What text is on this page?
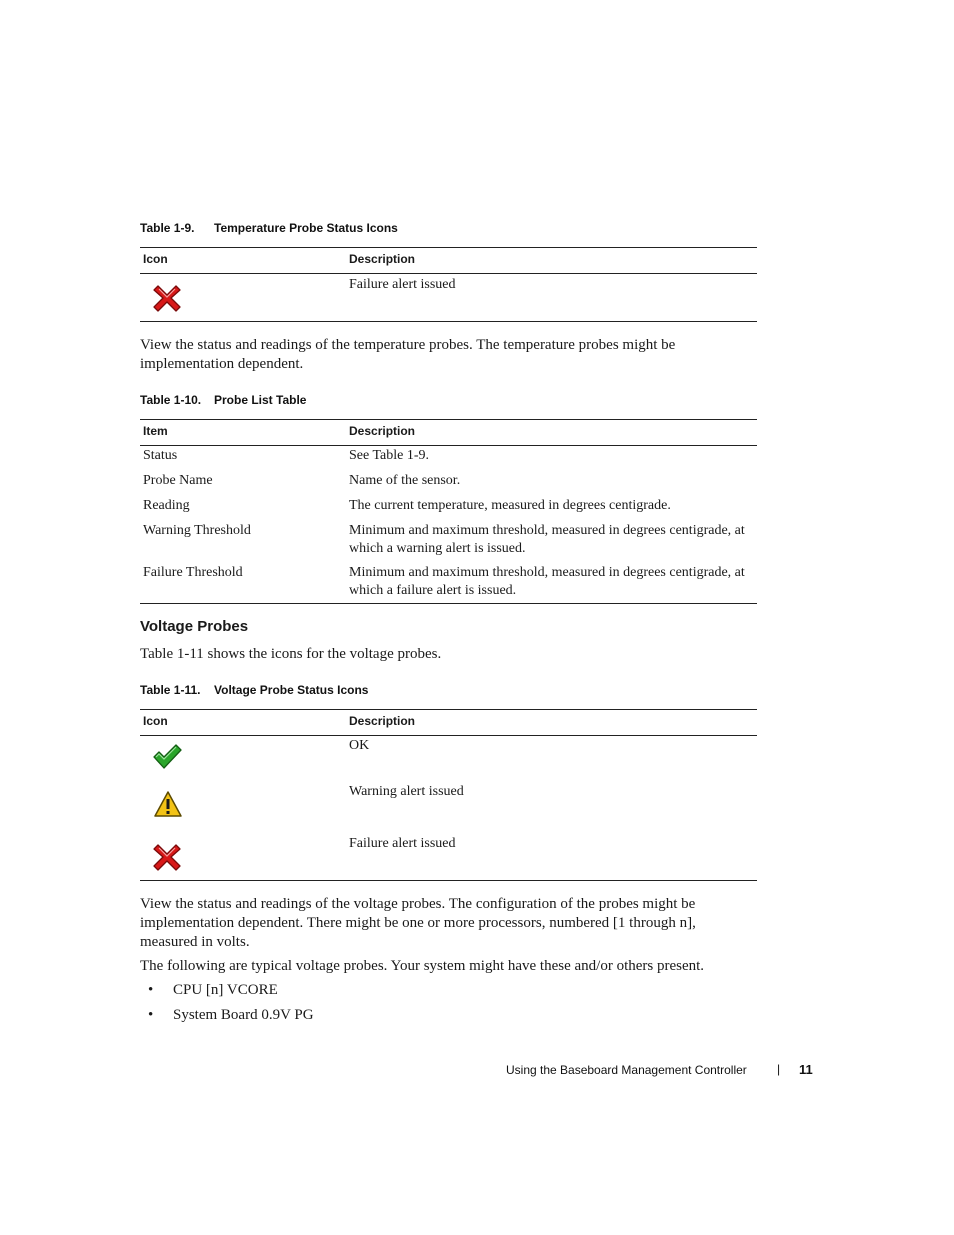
Table 1-9. Temperature Probe Status Icons
Icon	Description
Failure alert issued
View the status and readings of the temperature probes. The temperature probes might be implementation dependent.
Table 1-10. Probe List Table
Item	Description
Status	See Table 1-9.
Probe Name	Name of the sensor.
Reading	The current temperature, measured in degrees centigrade.
Warning Threshold	Minimum and maximum threshold, measured in degrees centigrade, at which a warning alert is issued.
Failure Threshold	Minimum and maximum threshold, measured in degrees centigrade, at which a failure alert is issued.
Voltage Probes
Table 1-11 shows the icons for the voltage probes.
Table 1-11. Voltage Probe Status Icons
Icon	Description
OK
Warning alert issued
Failure alert issued
View the status and readings of the voltage probes. The configuration of the probes might be implementation dependent. There might be one or more processors, numbered [1 through n], measured in volts.
The following are typical voltage probes. Your system might have these and/or others present.
• CPU [n] VCORE
• System Board 0.9V PG
Using the Baseboard Management Controller	| 11
